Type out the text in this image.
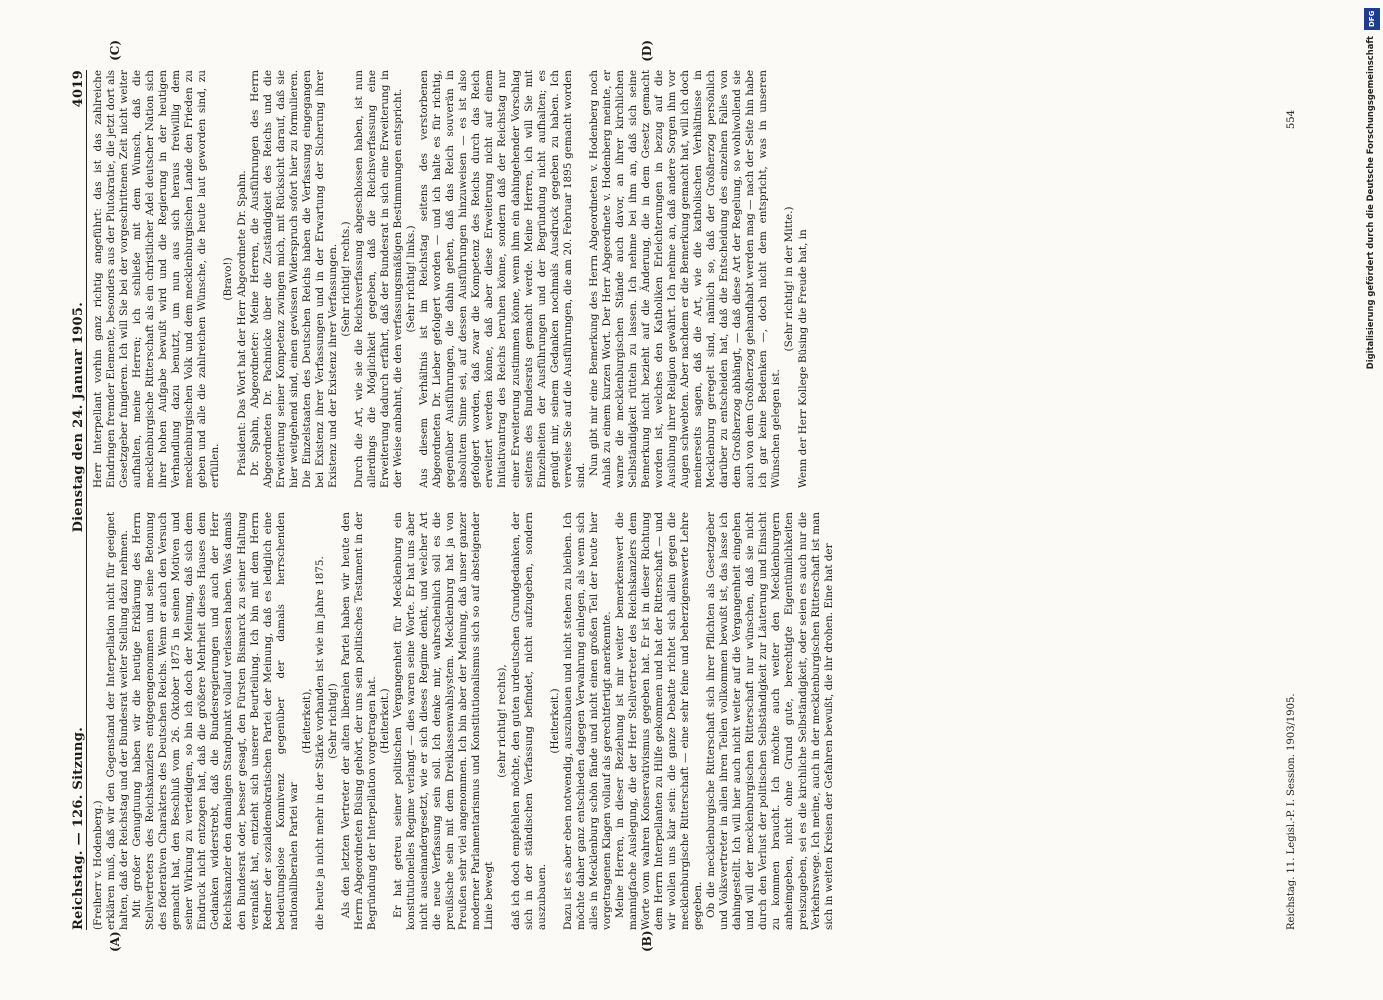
Reichstag. — 126. Sitzung.
Dienstag den 24. Januar 1905.
4019
(A)	(B)
(C)	(D)

(Freiherr v. Hodenberg.) erklären muß, daß wir den Gegenstand der Interpellation nicht für geeignet halten, daß der Reichstag und der Bundesrat weiter Stellung dazu nehmen. Mit großer Genugtuung haben wir die heutige Erklärung des Herrn Stellvertreters des Reichskanzlers entgegengenommen und seine Betonung des föderativen Charakters des Deutschen Reichs. Wenn er auch den Versuch gemacht hat, den Beschluß vom 26. Oktober 1875 in seinen Motiven und seiner Wirkung zu verteidigen, so bin ich doch der Meinung, daß sich dem Eindruck nicht entzogen hat, daß die größere Mehrheit dieses Hauses dem Gedanken widerstrebt, daß die Bundesregierungen und auch der Herr Reichskanzler den damaligen Standpunkt vollauf verlassen haben. Was damals den Bundesrat oder, besser gesagt, den Fürsten Bismarck zu seiner Haltung veranlaßt hat, entzieht sich unserer Beurteilung. Ich bin mit dem Herrn Redner der sozialdemokratischen Partei der Meinung, daß es lediglich eine bedeutungslose Konnivenz gegenüber der damals herrschenden nationalliberalen Partei war

(Heiterkeit), die heute ja nicht mehr in der Stärke vorhanden ist wie im Jahre 1875. (Sehr richtig!) Als den letzten Vertreter der alten liberalen Partei haben wir heute den Herrn Abgeordneten Büsing gehört, der uns sein politisches Testament in der Begründung der Interpellation vorgetragen hat. (Heiterkeit.) Er hat getreu seiner politischen Vergangenheit für Mecklenburg ein konstitutionelles Regime verlangt — dies waren seine Worte. Er hat uns aber nicht auseinandergesetzt, wie er sich dieses Regime denkt, und welcher Art die neue Verfassung sein soll. Ich denke mir, wahrscheinlich soll es die preußische sein mit dem Dreiklassenwahlsystem. Mecklenburg hat ja von Preußen sehr viel angenommen. Ich bin aber der Meinung, daß unser ganzer moderner Parlamentarismus und Konstitutionalismus sich so auf absteigender Linie bewegt

(sehr richtig! rechts), daß ich doch empfehlen möchte, den guten urdeutschen Grundgedanken, der sich in der ständischen Verfassung befindet, nicht aufzugeben, sondern auszubauen.

(Heiterkeit.) Dazu ist es aber eben notwendig, auszubauen und nicht stehen zu bleiben. Ich möchte daher ganz entschieden dagegen Verwahrung einlegen, als wenn sich alles in Mecklenburg schön fände und nicht einen großen Teil der heute hier vorgetragenen Klagen vollauf als gerechtfertigt anerkennte. Meine Herren, in dieser Beziehung ist mir weiter bemerkenswert die mannigfache Auslegung, die der Herr Stellvertreter des Reichskanzlers dem Worte vom wahren Konservativismus gegeben hat. Er ist in dieser Richtung dem Herrn Interpellanten zu Hilfe gekommen und hat der Ritterschaft — und wir wollen uns klar sein: die ganze Debatte richtet sich allein gegen die mecklenburgische Ritterschaft — eine sehr feine und beherzigenswerte Lehre gegeben. Ob die mecklenburgische Ritterschaft sich ihrer Pflichten als Gesetzgeber und Volksvertreter in allen ihren Teilen vollkommen bewußt ist, das lasse ich dahingestellt. Ich will hier auch nicht weiter auf die Vergangenheit eingehen und will der mecklenburgischen Ritterschaft nur wünschen, daß sie nicht durch den Verlust der politischen Selbständigkeit zur Läuterung und Einsicht zu kommen braucht. Ich möchte auch weiter den Mecklenburgern anheimgeben, nicht ohne Grund gute, berechtigte Eigentümlichkeiten preiszugeben, sei es die kirchliche Selbständigkeit, oder seien es auch nur die Verkehrswege. Ich meine, auch in der mecklenburgischen Ritterschaft ist man sich in weiten Kreisen der Gefahren bewußt, die ihr drohen. Eine hat der

Herr Interpellant vorhin ganz richtig angeführt: das ist das zahlreiche Eindringen fremder Elemente, besonders aus der Plutokratie, die jetzt dort als Gesetzgeber fungieren. Ich will Sie bei der vorgeschrittenen Zeit nicht weiter aufhalten, meine Herren; ich schließe mit dem Wunsch, daß die mecklenburgische Ritterschaft als ein christlicher Adel deutscher Nation sich ihrer hohen Aufgabe bewußt wird und die Regierung in der heutigen Verhandlung dazu benutzt, um nun aus sich heraus freiwillig dem mecklenburgischen Volk und dem mecklenburgischen Lande den Frieden zu geben und alle die zahlreichen Wünsche, die heute laut geworden sind, zu erfüllen.

(Bravo!) Präsident: Das Wort hat der Herr Abgeordnete Dr. Spahn. Dr. Spahn, Abgeordneter: Meine Herren, die Ausführungen des Herrn Abgeordneten Dr. Pachnicke über die Zuständigkeit des Reichs und die Erweiterung seiner Kompetenz zwingen mich, mit Rücksicht darauf, daß sie hier weitgehend sind, einen gewissen Widerspruch sofort hier zu formulieren. Die Einzelstaaten des Deutschen Reichs haben die Verfassung eingegangen bei Existenz ihrer Verfassungen und in der Erwartung der Sicherung ihrer Existenz und der Existenz ihrer Verfassungen. (Sehr richtig! rechts.) Durch die Art, wie sie die Reichsverfassung abgeschlossen haben, ist nun allerdings die Möglichkeit gegeben, daß die Reichsverfassung eine Erweiterung dadurch erfährt, daß der Bundesrat in sich eine Erweiterung in der Weise anbahnt, die den verfassungsmäßigen Bestimmungen entspricht. (Sehr richtig! links.) Aus diesem Verhältnis ist im Reichstag seitens des verstorbenen Abgeordneten Dr. Lieber gefolgert worden — und ich halte es für richtig, gegenüber Ausführungen, die dahin gehen, daß das Reich souverän in absolutem Sinne sei, auf dessen Ausführungen hinzuweisen — es ist also gefolgert worden, daß zwar die Kompetenz des Reichs durch das Reich erweitert werden könne, daß aber diese Erweiterung nicht auf einem Initiativantrag des Reichs beruhen könne, sondern daß der Reichstag nur einer Erweiterung zustimmen könne, wenn ihm ein dahingehender Vorschlag seitens des Bundesrats gemacht werde. Meine Herren, ich will Sie mit Einzelheiten der Ausführungen und der Begründung nicht aufhalten; es genügt mir, seinem Gedanken nochmals Ausdruck gegeben zu haben. Ich verweise Sie auf die Ausführungen, die am 20. Februar 1895 gemacht worden sind. Nun gibt mir eine Bemerkung des Herrn Abgeordneten v. Hodenberg noch Anlaß zu einem kurzen Wort. Der Herr Abgeordnete v. Hodenberg meinte, er warne die mecklenburgischen Stände auch davor, an ihrer kirchlichen Selbständigkeit rütteln zu lassen. Ich nehme bei ihm an, daß sich seine Bemerkung nicht bezieht auf die Änderung, die in dem Gesetz gemacht worden ist, welches den Katholiken Erleichterungen in bezug auf die Ausübung ihrer Religion gewährt. Ich nehme an, daß andere Sorgen ihm vor Augen schwebten. Aber nachdem er die Bemerkung gemacht hat, will ich doch meinerseits sagen, daß die Art, wie die katholischen Verhältnisse in Mecklenburg geregelt sind, nämlich so, daß der Großherzog persönlich darüber zu entscheiden hat, daß die Entscheidung des einzelnen Falles von dem Großherzog abhängt, — daß diese Art der Regelung, so wohlwollend sie auch von dem Großherzog gehandhabt werden mag — nach der Seite hin habe ich gar keine Bedenken —, doch nicht dem entspricht, was in unseren Wünschen gelegen ist.

(Sehr richtig! in der Mitte.) Wenn der Herr Kollege Büsing die Freude hat, in

Reichstag. 11. Legisl.-P. I. Session. 1903/1905.
554
DFG
Digitalisierung gefördert durch die Deutsche Forschungsgemeinschaft
